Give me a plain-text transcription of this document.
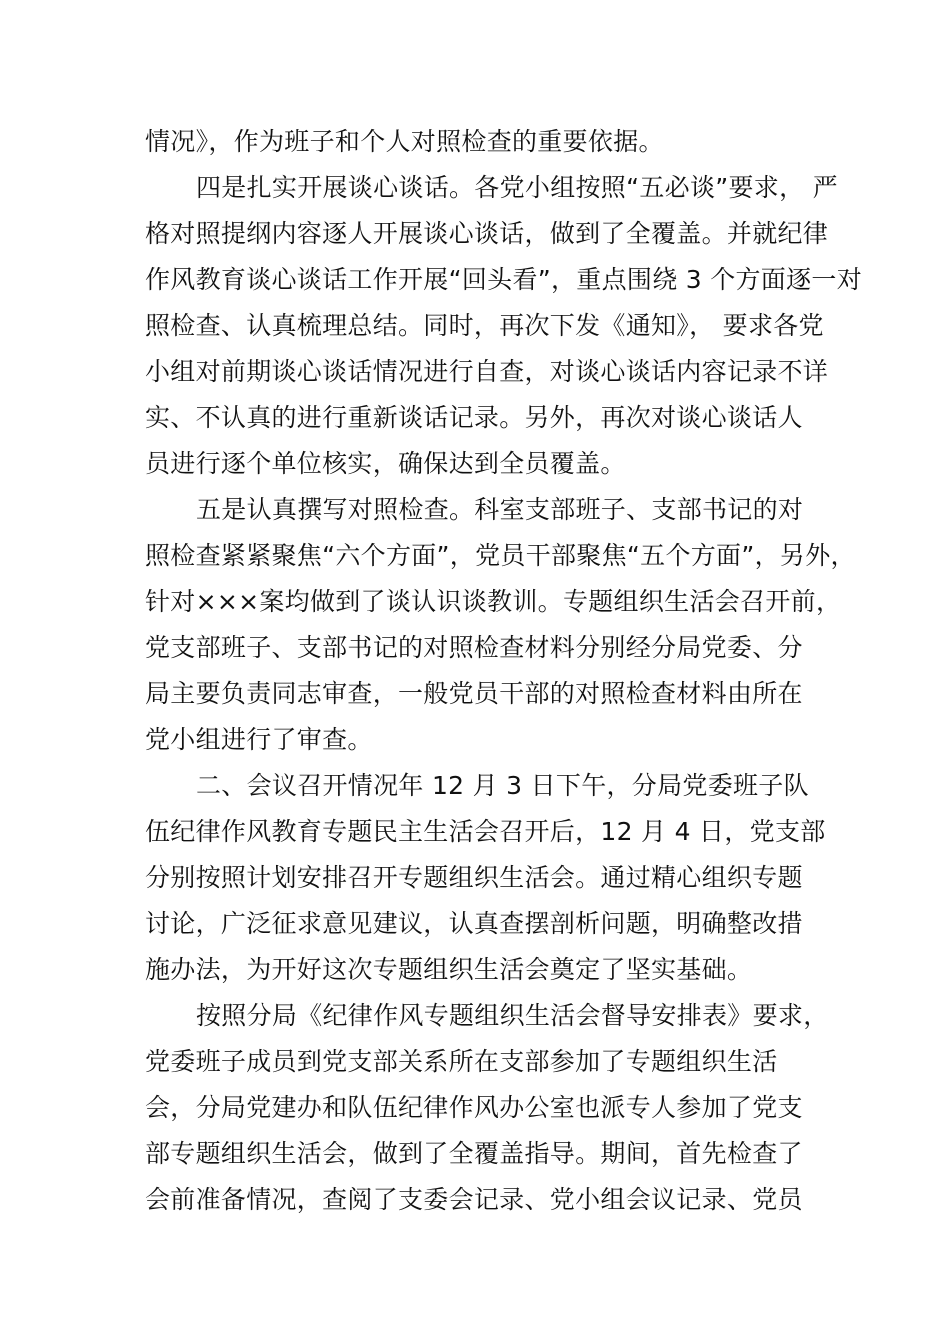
情况》，作为班子和个人对照检查的重要依据。
四是扎实开展谈心谈话。各党小组按照“五必谈”要求， 严
格对照提纲内容逐人开展谈心谈话，做到了全覆盖。并就纪律
作风教育谈心谈话工作开展“回头看”，重点围绕 3 个方面逐一对
照检查、认真梳理总结。同时，再次下发《通知》， 要求各党
小组对前期谈心谈话情况进行自查，对谈心谈话内容记录不详
实、不认真的进行重新谈话记录。另外，再次对谈心谈话人
员进行逐个单位核实，确保达到全员覆盖。
五是认真撰写对照检查。科室支部班子、支部书记的对
照检查紧紧聚焦“六个方面”，党员干部聚焦“五个方面”，另外，
针对×××案均做到了谈认识谈教训。专题组织生活会召开前，
党支部班子、支部书记的对照检查材料分别经分局党委、分
局主要负责同志审查，一般党员干部的对照检查材料由所在
党小组进行了审查。
二、会议召开情况年 12 月 3 日下午，分局党委班子队
伍纪律作风教育专题民主生活会召开后，12 月 4 日，党支部
分别按照计划安排召开专题组织生活会。通过精心组织专题
讨论，广泛征求意见建议，认真查摆剖析问题，明确整改措
施办法，为开好这次专题组织生活会奠定了坚实基础。
按照分局《纪律作风专题组织生活会督导安排表》要求，
党委班子成员到党支部关系所在支部参加了专题组织生活
会，分局党建办和队伍纪律作风办公室也派专人参加了党支
部专题组织生活会，做到了全覆盖指导。期间，首先检查了
会前准备情况，查阅了支委会记录、党小组会议记录、党员
